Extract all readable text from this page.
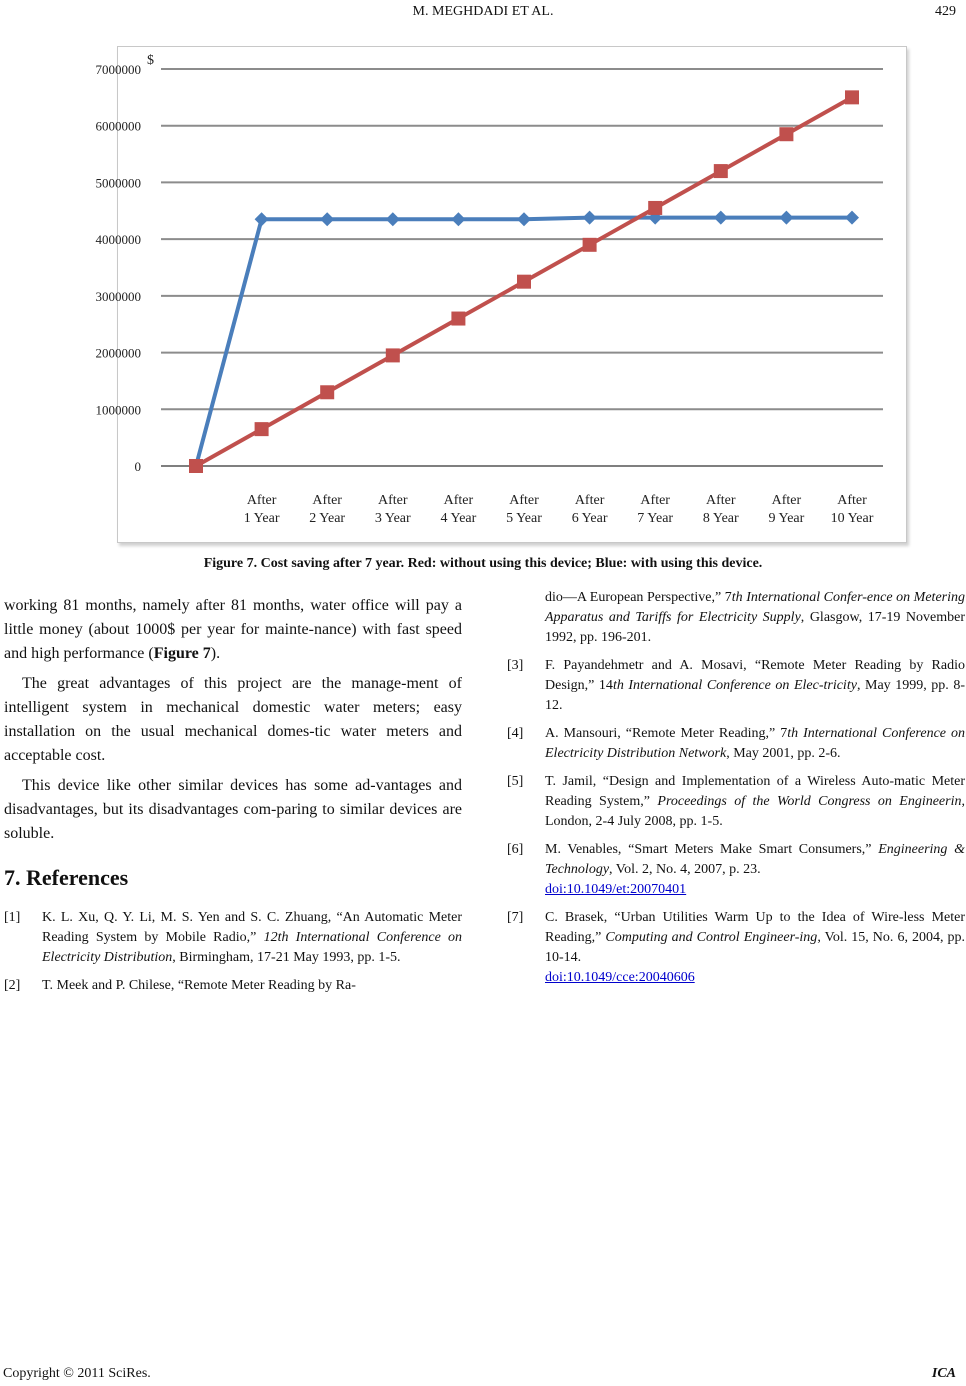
M. MEGHDADI ET AL.	429
0
1000000
2000000
3000000
4000000
5000000
6000000
7000000
$
After
1 Year
After
2 Year
After
3 Year
After
4 Year
After
5 Year
After
6 Year
After
7 Year
After
8 Year
After
9 Year
After
10 Year
Figure 7. Cost saving after 7 year. Red: without using this device; Blue: with using this device.

working 81 months, namely after 81 months, water office will pay a little money (about 1000$ per year for mainte-nance) with fast speed and high performance (Figure 7).

The great advantages of this project are the manage-ment of intelligent system in mechanical domestic water meters; easy installation on the usual mechanical domes-tic water meters and acceptable cost.

This device like other similar devices has some ad-vantages and disadvantages, but its disadvantages com-paring to similar devices are soluble.

7. References
[1] K. L. Xu, Q. Y. Li, M. S. Yen and S. C. Zhuang, “An Automatic Meter Reading System by Mobile Radio,” 12th International Conference on Electricity Distribution, Birmingham, 17-21 May 1993, pp. 1-5.
[2] T. Meek and P. Chilese, “Remote Meter Reading by Ra-
dio—A European Perspective,” 7th International Confer-ence on Metering Apparatus and Tariffs for Electricity Supply, Glasgow, 17-19 November 1992, pp. 196-201.
[3] F. Payandehmetr and A. Mosavi, “Remote Meter Reading by Radio Design,” 14th International Conference on Elec-tricity, May 1999, pp. 8-12.
[4] A. Mansouri, “Remote Meter Reading,” 7th International Conference on Electricity Distribution Network, May 2001, pp. 2-6.
[5] T. Jamil, “Design and Implementation of a Wireless Auto-matic Meter Reading System,” Proceedings of the World Congress on Engineerin, London, 2-4 July 2008, pp. 1-5.
[6] M. Venables, “Smart Meters Make Smart Consumers,” Engineering & Technology, Vol. 2, No. 4, 2007, p. 23.
doi:10.1049/et:20070401
[7] C. Brasek, “Urban Utilities Warm Up to the Idea of Wire-less Meter Reading,” Computing and Control Engineer-ing, Vol. 15, No. 6, 2004, pp. 10-14.
doi:10.1049/cce:20040606
Copyright © 2011 SciRes.	ICA
